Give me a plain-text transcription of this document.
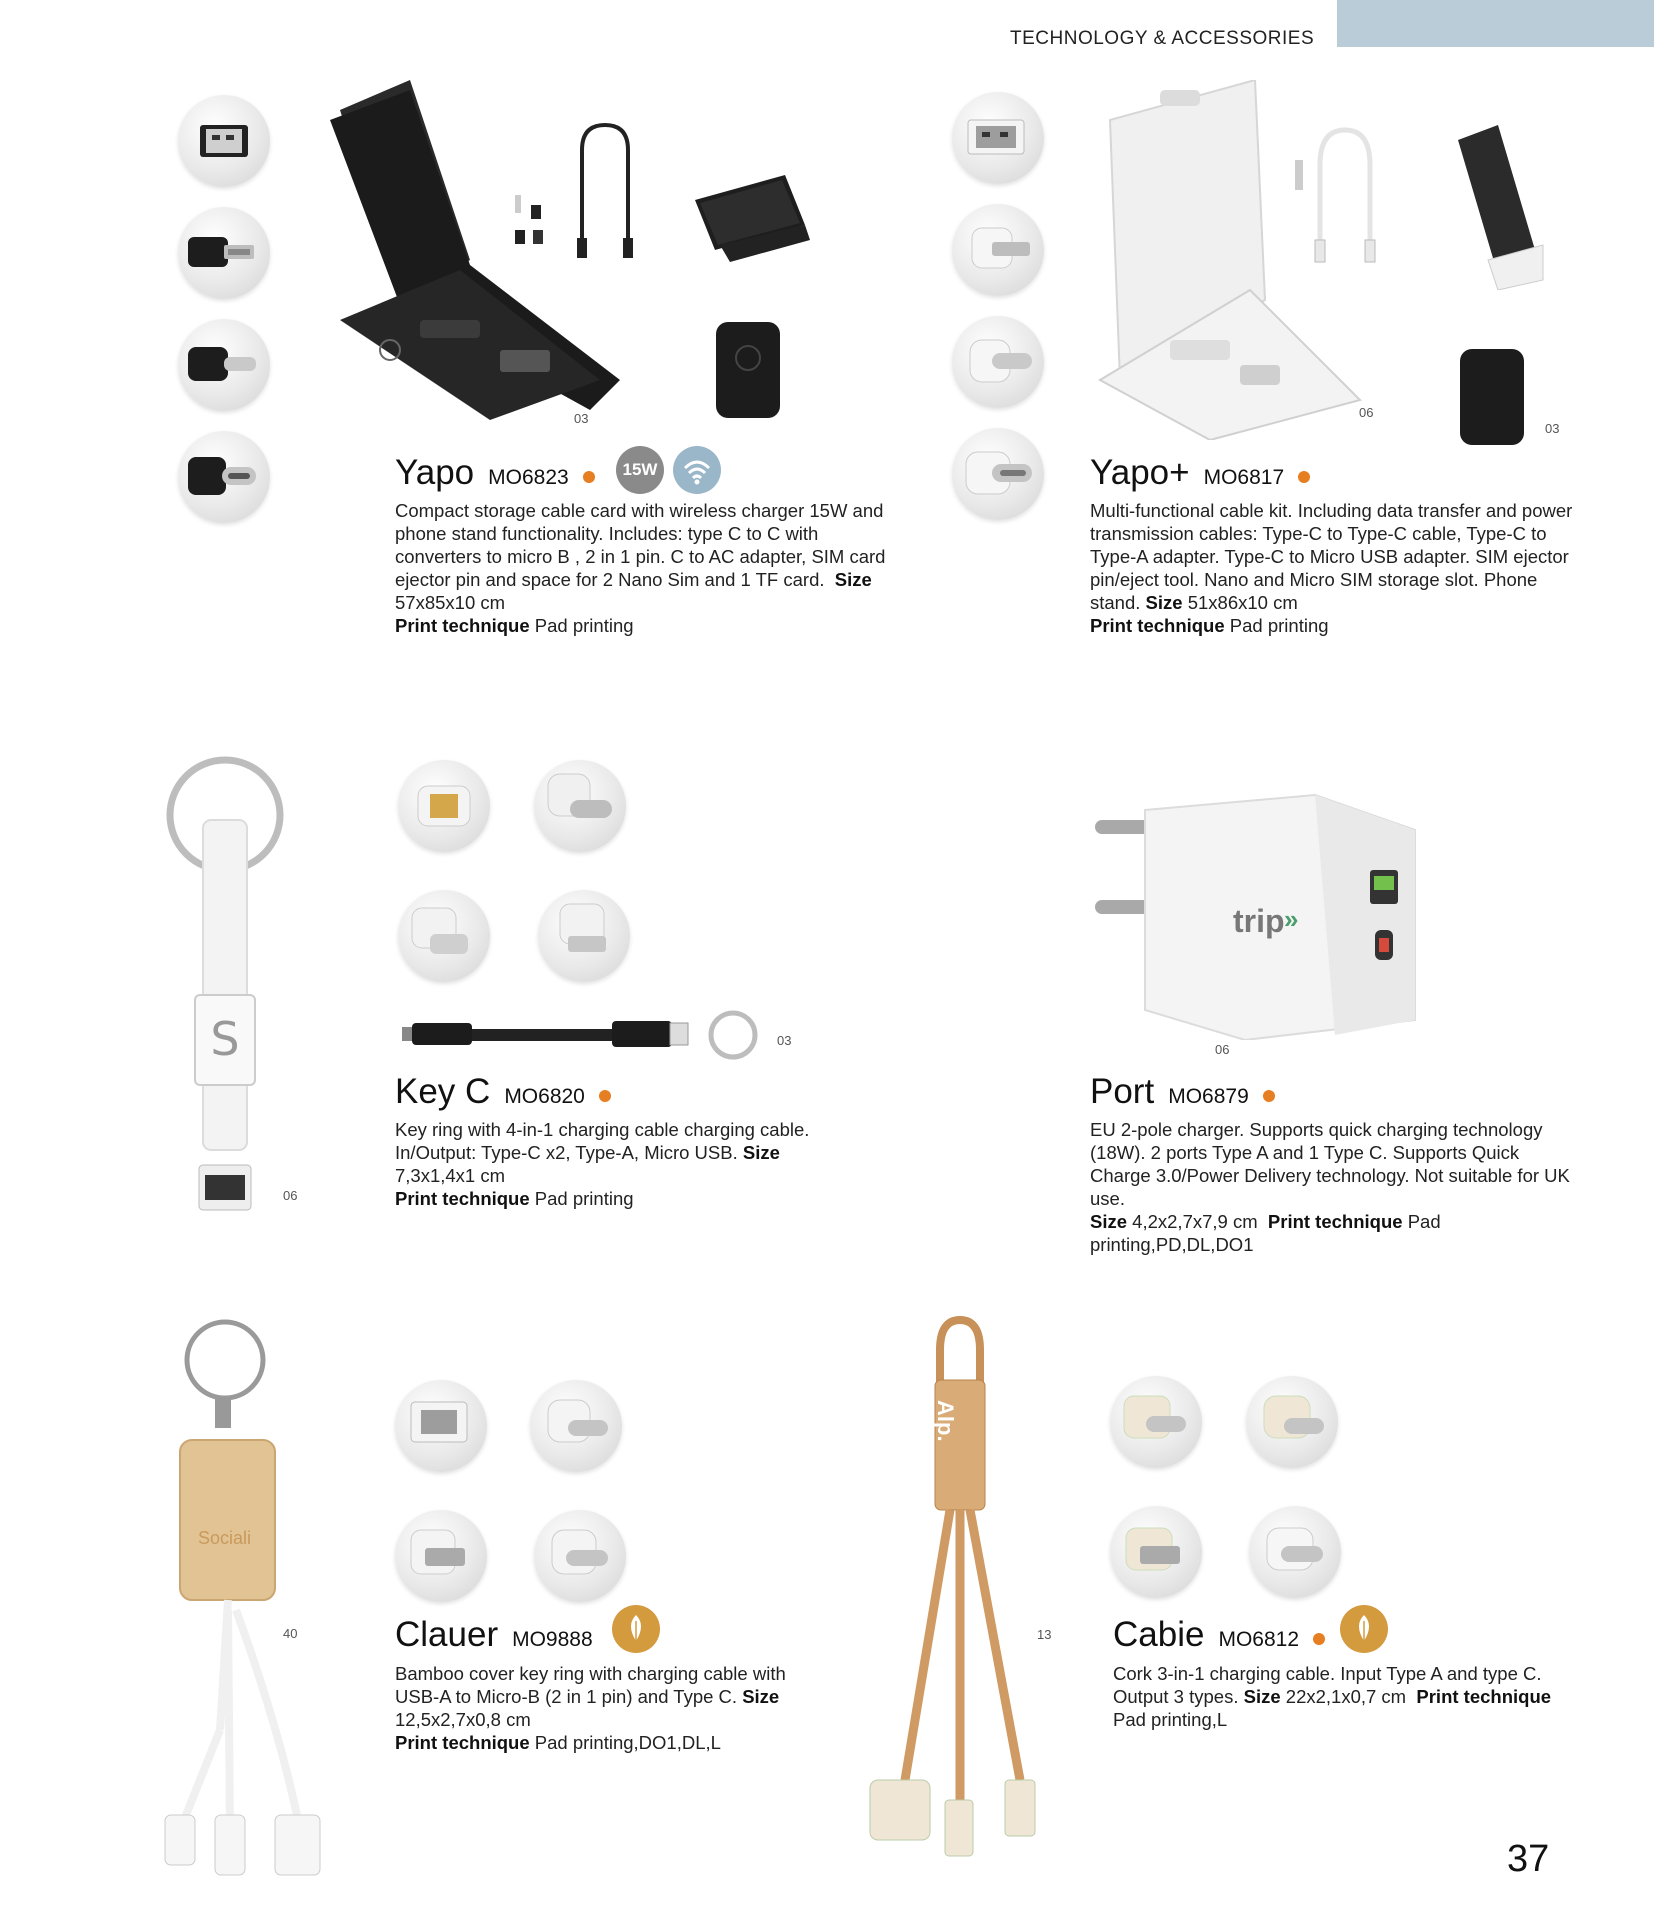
TECHNOLOGY & ACCESSORIES
03
Yapo MO6823	15W
Compact storage cable card with wireless charger 15W and phone stand functionality. Includes: type C to C with converters to micro B , 2 in 1 pin. C to AC adapter, SIM card ejector pin and space for 2 Nano Sim and 1 TF card. Size 57x85x10 cm
Print technique Pad printing
06
03
Yapo+ MO6817
Multi-functional cable kit. Including data transfer and power transmission cables: Type-C to Type-C cable, Type-C to Type-A adapter. Type-C to Micro USB adapter. SIM ejector pin/eject tool. Nano and Micro SIM storage slot. Phone stand. Size 51x86x10 cm
Print technique Pad printing
S
06
03
Key C MO6820
Key ring with 4-in-1 charging cable charging cable. In/Output: Type-C x2, Type-A, Micro USB. Size 7,3x1,4x1 cm
Print technique Pad printing
trip »
06
Port MO6879
EU 2-pole charger. Supports quick charging technology (18W). 2 ports Type A and 1 Type C. Supports Quick Charge 3.0/Power Delivery technology. Not suitable for UK use.
Size 4,2x2,7x7,9 cm Print technique Pad printing,PD,DL,DO1
Sociali
40	Clauer MO9888
Bamboo cover key ring with charging cable with USB-A to Micro-B (2 in 1 pin) and Type C. Size 12,5x2,7x0,8 cm
Print technique Pad printing,DO1,DL,L
Alp.
13 Cabie MO6812
Cork 3-in-1 charging cable. Input Type A and type C. Output 3 types. Size 22x2,1x0,7 cm Print technique Pad printing,L
37
